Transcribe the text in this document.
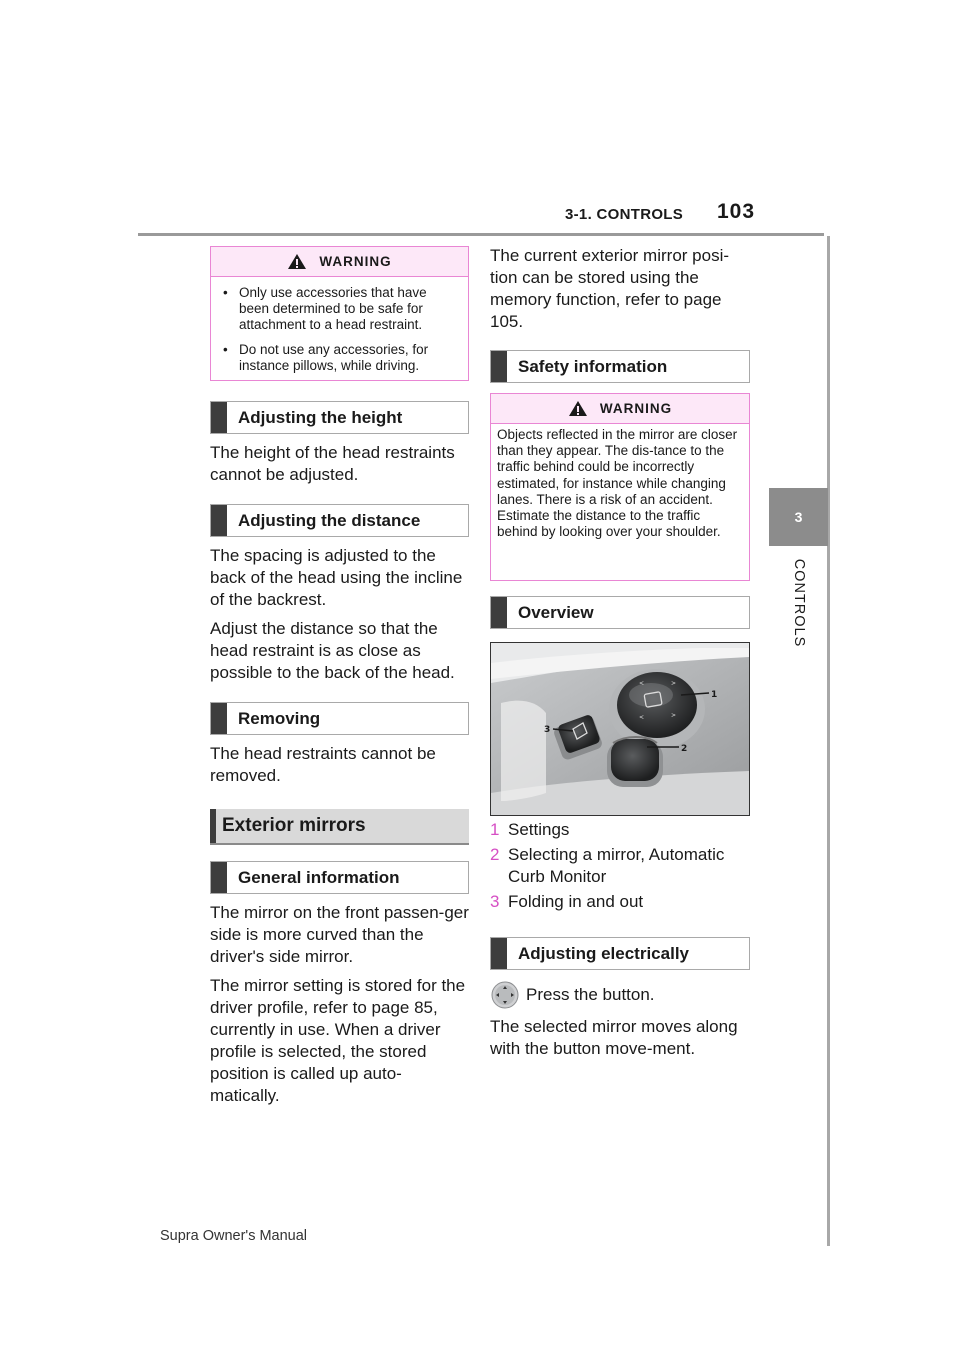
3-1. CONTROLS 103
3
CONTROLS
WARNING
• Only use accessories that have been determined to be safe for attachment to a head restraint.
• Do not use any accessories, for instance pillows, while driving.
Adjusting the height

The height of the head restraints cannot be adjusted.

Adjusting the distance

The spacing is adjusted to the back of the head using the incline of the backrest.

Adjust the distance so that the head restraint is as close as possible to the back of the head.

Removing

The head restraints cannot be removed.

Exterior mirrors
General information

The mirror on the front passen-ger side is more curved than the driver's side mirror.

The mirror setting is stored for the driver profile, refer to page 85, currently in use. When a driver profile is selected, the stored position is called up auto-matically.

The current exterior mirror posi-tion can be stored using the memory function, refer to page 105.

Safety information
WARNING
Objects reflected in the mirror are closer than they appear. The dis-tance to the traffic behind could be incorrectly estimated, for instance while changing lanes. There is a risk of an accident. Estimate the distance to the traffic behind by looking over your shoulder.
Overview
<	>
<	>
1
2
3
1 Settings
2 Selecting a mirror, Automatic Curb Monitor
3 Folding in and out
Adjusting electrically
Press the button.

The selected mirror moves along with the button move-ment.

Supra Owner's Manual
